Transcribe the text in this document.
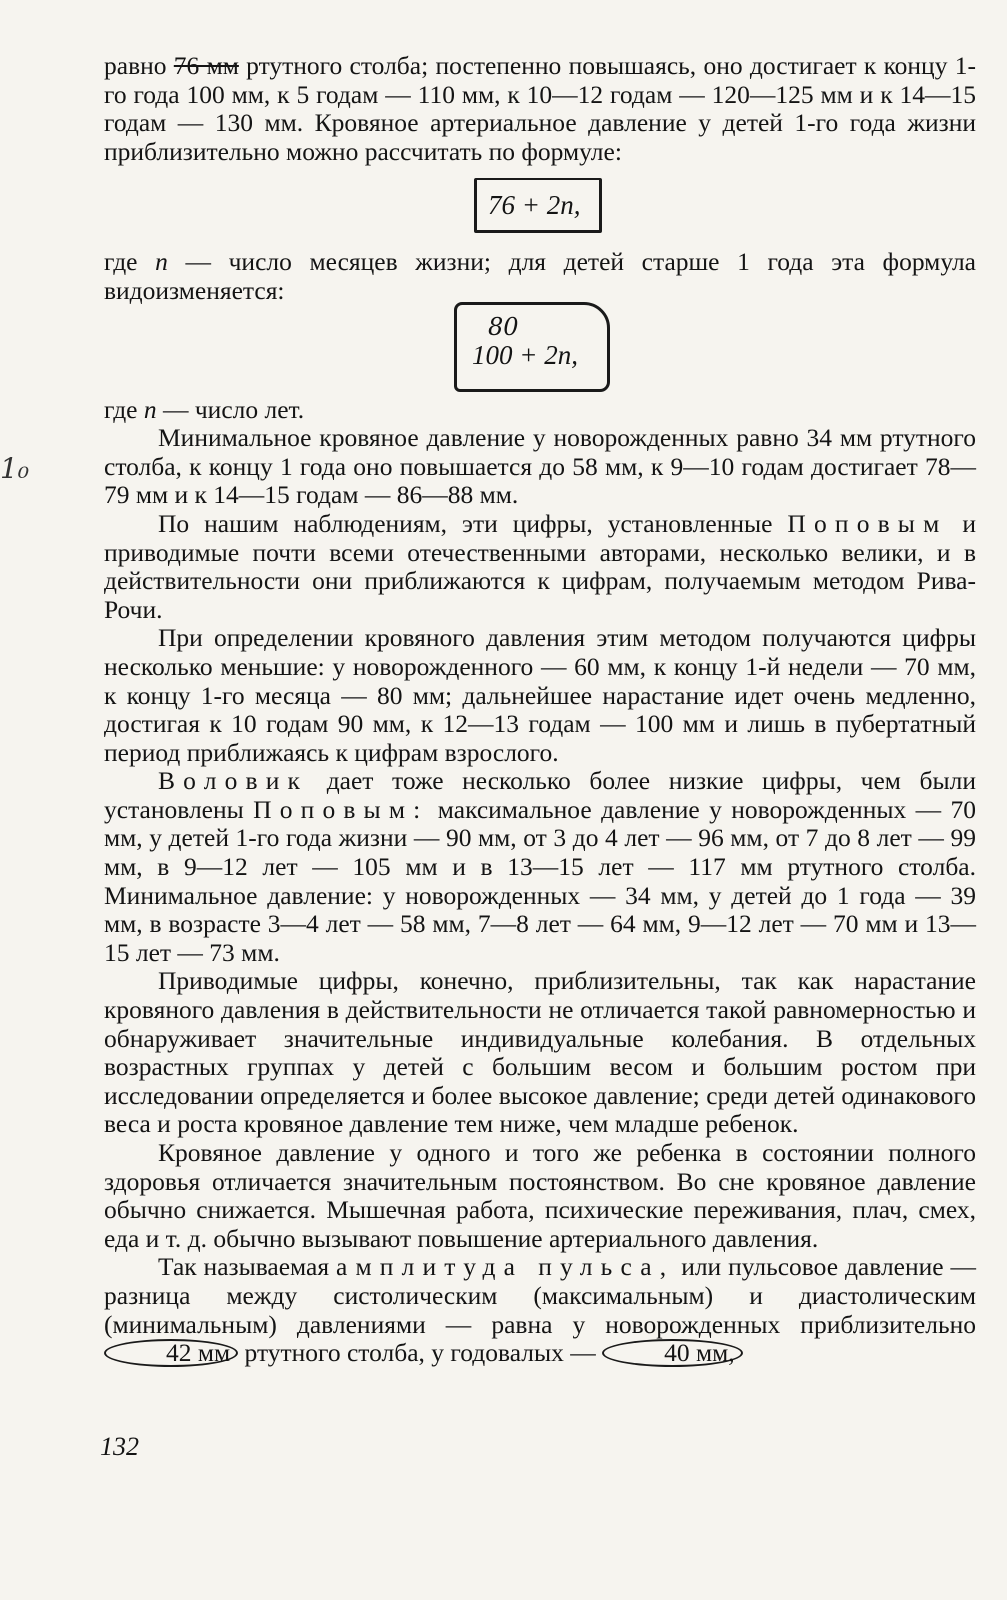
1₀

равно 76 мм ртутного столба; постепенно повышаясь, оно достигает к концу 1-го года 100 мм, к 5 годам — 110 мм, к 10—12 годам — 120—125 мм и к 14—15 годам — 130 мм. Кровяное артериальное давление у детей 1-го года жизни приблизительно можно рассчитать по формуле:

76 + 2n,

где n — число месяцев жизни; для детей старше 1 года эта формула видоизменяется:

80
100 + 2n,

где n — число лет.

Минимальное кровяное давление у новорожденных равно 34 мм ртутного столба, к концу 1 года оно повышается до 58 мм, к 9—10 годам достигает 78—79 мм и к 14—15 годам — 86—88 мм.

По нашим наблюдениям, эти цифры, установленные Поповым и приводимые почти всеми отечественными авторами, несколько велики, и в действительности они приближаются к цифрам, получаемым методом Рива-Рочи.

При определении кровяного давления этим методом получаются цифры несколько меньшие: у новорожденного — 60 мм, к концу 1-й недели — 70 мм, к концу 1-го месяца — 80 мм; дальнейшее нарастание идет очень медленно, достигая к 10 годам 90 мм, к 12—13 годам — 100 мм и лишь в пубертатный период приближаясь к цифрам взрослого.

Воловик дает тоже несколько более низкие цифры, чем были установлены Поповым: максимальное давление у новорожденных — 70 мм, у детей 1-го года жизни — 90 мм, от 3 до 4 лет — 96 мм, от 7 до 8 лет — 99 мм, в 9—12 лет — 105 мм и в 13—15 лет — 117 мм ртутного столба. Минимальное давление: у новорожденных — 34 мм, у детей до 1 года — 39 мм, в возрасте 3—4 лет — 58 мм, 7—8 лет — 64 мм, 9—12 лет — 70 мм и 13—15 лет — 73 мм.

Приводимые цифры, конечно, приблизительны, так как нарастание кровяного давления в действительности не отличается такой равномерностью и обнаруживает значительные индивидуальные колебания. В отдельных возрастных группах у детей с большим весом и большим ростом при исследовании определяется и более высокое давление; среди детей одинакового веса и роста кровяное давление тем ниже, чем младше ребенок.

Кровяное давление у одного и того же ребенка в состоянии полного здоровья отличается значительным постоянством. Во сне кровяное давление обычно снижается. Мышечная работа, психические переживания, плач, смех, еда и т. д. обычно вызывают повышение артериального давления.

Так называемая амплитуда пульса, или пульсовое давление — разница между систолическим (максимальным) и диастолическим (минимальным) давлениями — равна у новорожденных приблизительно42 мм ртутного столба, у годовалых —	40 мм,

132
